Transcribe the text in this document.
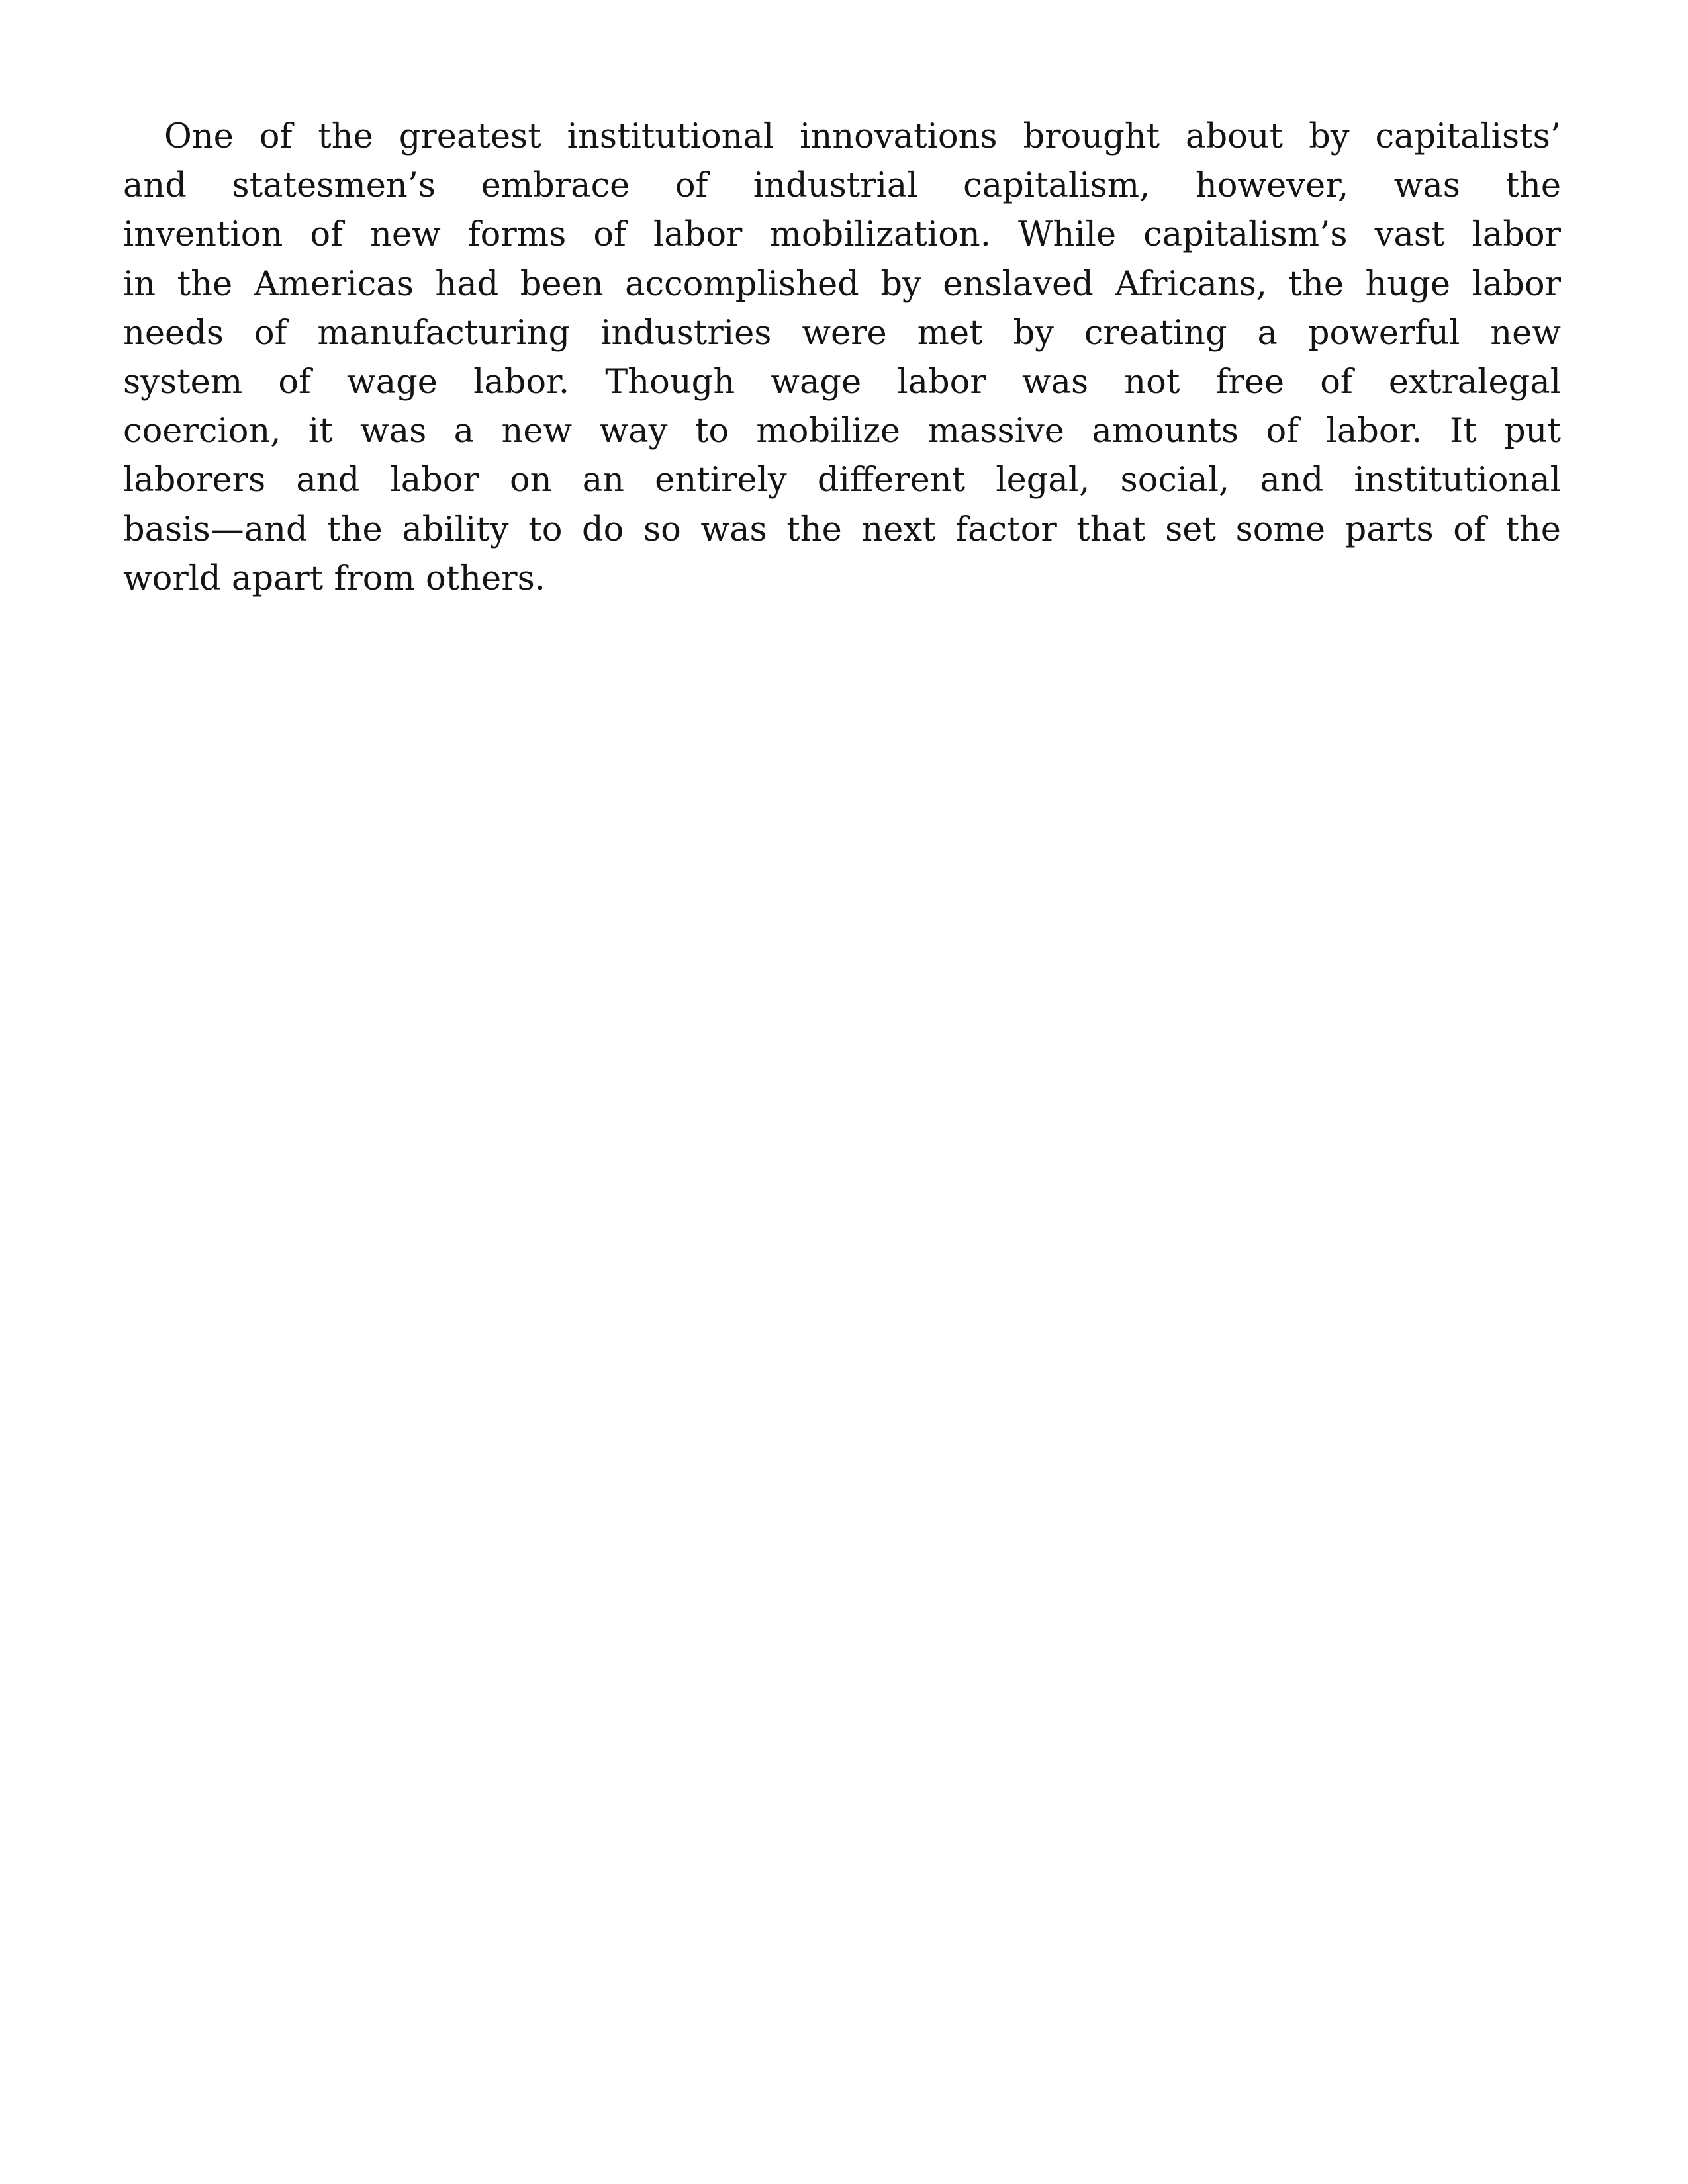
One of the greatest institutional innovations brought about by capitalists’
and statesmen’s embrace of industrial capitalism, however, was the
invention of new forms of labor mobilization. While capitalism’s vast labor
in the Americas had been accomplished by enslaved Africans, the huge labor
needs of manufacturing industries were met by creating a powerful new
system of wage labor. Though wage labor was not free of extralegal
coercion, it was a new way to mobilize massive amounts of labor. It put
laborers and labor on an entirely different legal, social, and institutional
basis—and the ability to do so was the next factor that set some parts of the
world apart from others.
